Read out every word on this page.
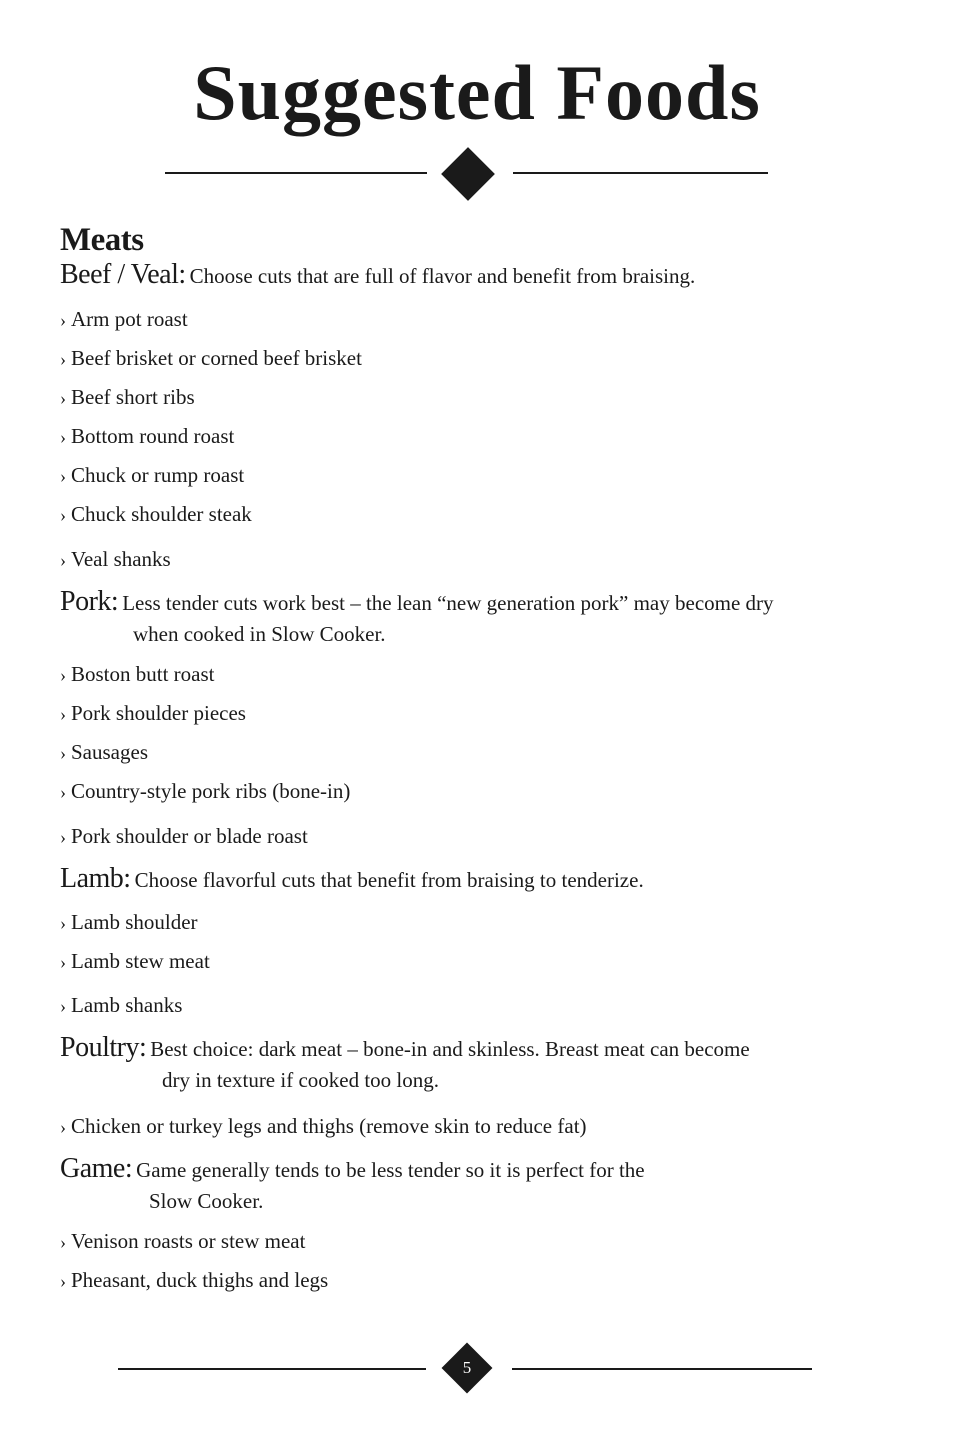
Suggested Foods
Meats
Beef / Veal: Choose cuts that are full of flavor and benefit from braising.
› Arm pot roast
› Beef brisket or corned beef brisket
› Beef short ribs
› Bottom round roast
› Chuck or rump roast
› Chuck shoulder steak
› Veal shanks
Pork: Less tender cuts work best – the lean “new generation pork” may become dry
when cooked in Slow Cooker.
› Boston butt roast
› Pork shoulder pieces
› Sausages
› Country-style pork ribs (bone-in)
› Pork shoulder or blade roast
Lamb: Choose flavorful cuts that benefit from braising to tenderize.
› Lamb shoulder
› Lamb stew meat
› Lamb shanks
Poultry: Best choice: dark meat – bone-in and skinless. Breast meat can become
dry in texture if cooked too long.
› Chicken or turkey legs and thighs (remove skin to reduce fat)
Game: Game generally tends to be less tender so it is perfect for the
Slow Cooker.
› Venison roasts or stew meat
› Pheasant, duck thighs and legs
5
